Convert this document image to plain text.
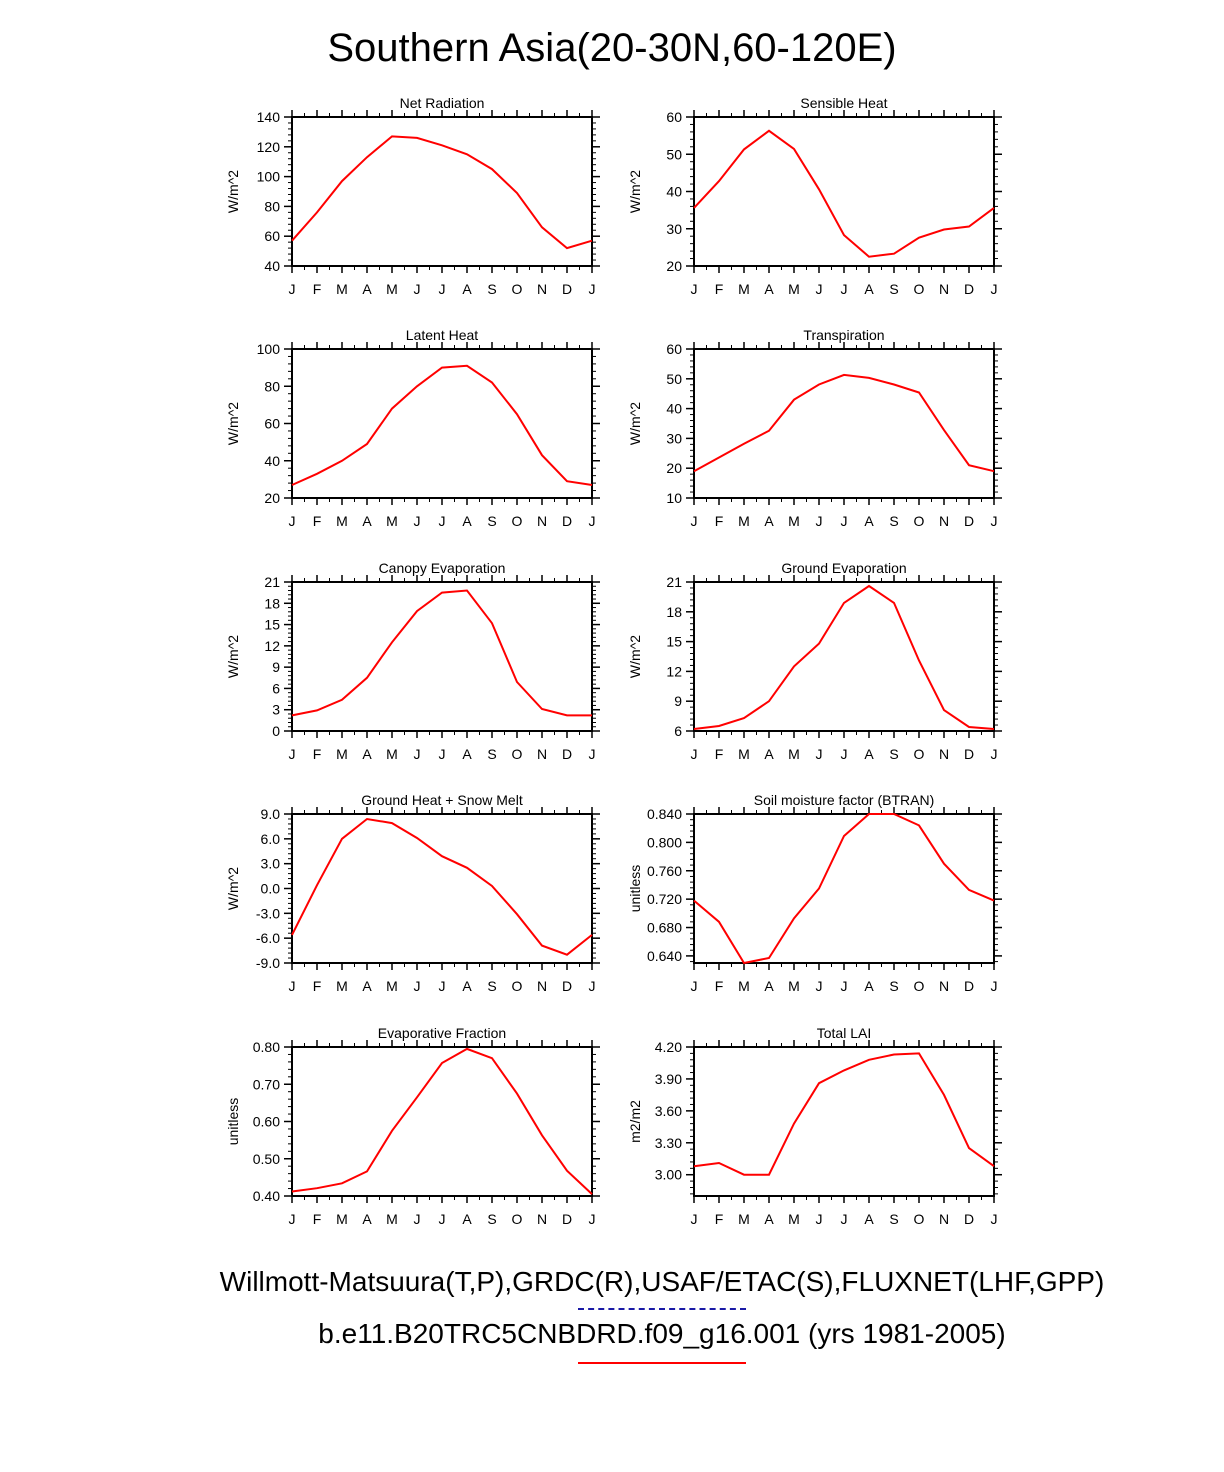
Southern Asia(20-30N,60-120E)
Net Radiation
W/m^2
J F M A M J J A S O N D J
40
60
80
100
120
140
Sensible Heat
W/m^2
J F M A M J J A S O N D J
20
30
40
50
60
Latent Heat
W/m^2
J F M A M J J A S O N D J
20
40
60
80
100
Transpiration
W/m^2
J F M A M J J A S O N D J
10
20
30
40
50
60
Canopy Evaporation
W/m^2
J F M A M J J A S O N D J
0
3
6
9
12
15
18
21
Ground Evaporation
W/m^2
J F M A M J J A S O N D J
6
9
12
15
18
21
Ground Heat + Snow Melt
W/m^2
J F M A M J J A S O N D J
-9.0
-6.0
-3.0
0.0
3.0
6.0
9.0
Soil moisture factor (BTRAN)
unitless
J F M A M J J A S O N D J
0.640
0.680
0.720
0.760
0.800
0.840
Evaporative Fraction
unitless
J F M A M J J A S O N D J
0.40
0.50
0.60
0.70
0.80
Total LAI
m2/m2
J F M A M J J A S O N D J
3.00
3.30
3.60
3.90
4.20
Willmott-Matsuura(T,P),GRDC(R),USAF/ETAC(S),FLUXNET(LHF,GPP)
b.e11.B20TRC5CNBDRD.f09_g16.001 (yrs 1981-2005)
